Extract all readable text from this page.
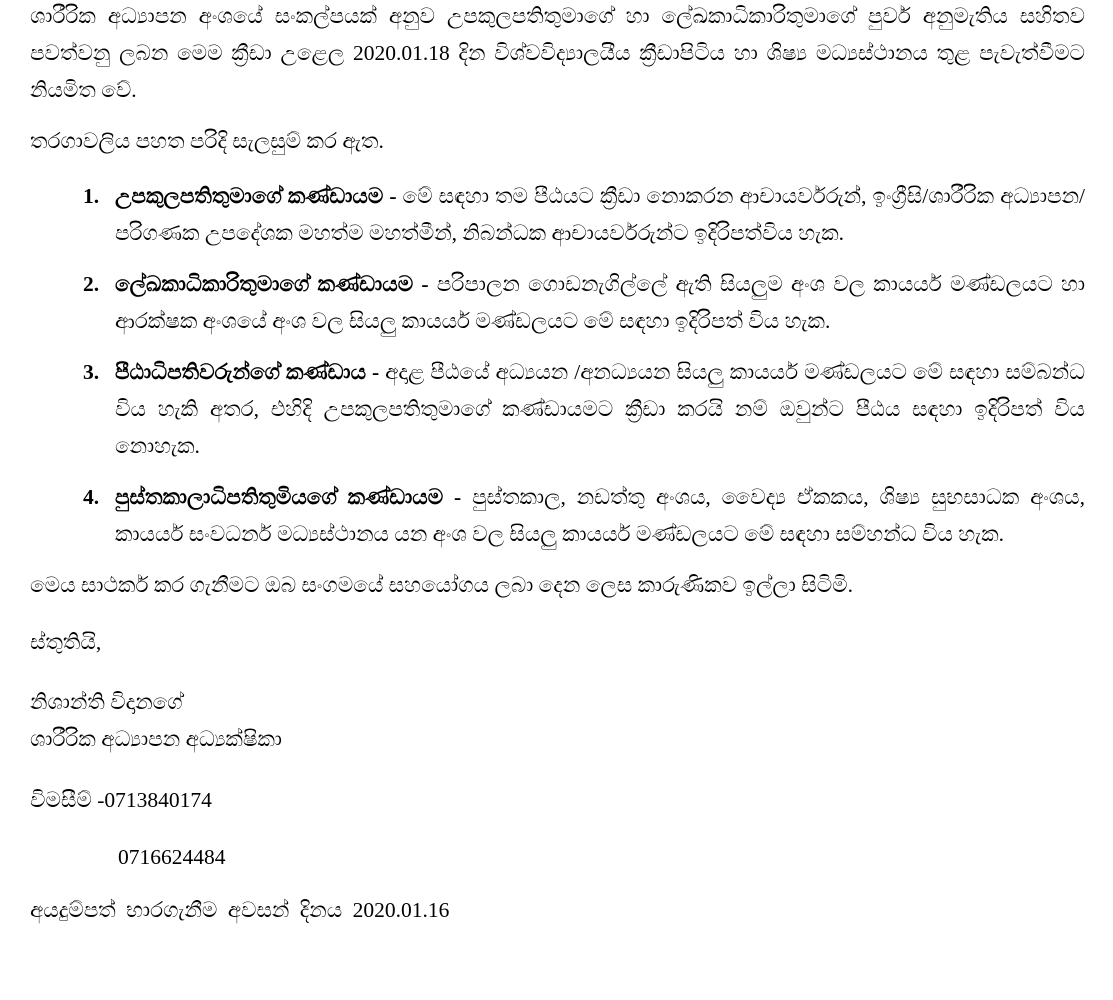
ශාරීරික අධ්‍යාපන අංශයේ සංකල්පයක් අනුව උපකුලපතිතුමාගේ හා ලේඛකාධිකාරිතුමාගේ පුවර් අනුමැතිය සහිතව පවත්වනු ලබන මෙම ක්‍රීඩා උළෙල 2020.01.18 දින විශ්වවිද්‍යාලයීය ක්‍රීඩාපිටිය හා ශිෂ්‍ය මධ්‍යස්ථානය තුළ පැවැත්වීමට නියමිත වේ.

තරගාවලිය පහත පරිදි සැලසුම් කර ඇත.

1. උපකුලපතිතුමාගේ කණ්ඩායම - මේ සඳහා තම පීඨයට ක්‍රීඩා නොකරන ආචායර්වරුන්, ඉංග්‍රීසි/ශාරීරික අධ්‍යාපන/පරිගණක උපදේශක මහත්ම මහත්මීන්, නිබන්ධක ආචායර්වරුන්ට ඉදිරිපත්විය හැක.
2. ලේඛකාධිකාරිතුමාගේ කණ්ඩායම - පරිපාලන ගොඩනැගිල්ලේ ඇති සියලුම අංශ වල කායර්ය මණ්ඩලයට හා ආරක්ෂක අංශයේ අංශ වල සියලු කායර්ය මණ්ඩලයට මේ සඳහා ඉදිරිපත් විය හැක.
3. පීඨාධිපතිවරුන්ගේ කණ්ඩාය - අදාළ පීඨයේ අධ්‍යයන /අනධ්‍යයන සියලු කායර්ය මණ්ඩලයට මේ සඳහා සම්බන්ධ විය හැකි අතර, එහිදි උපකුලපතිතුමාගේ කණ්ඩායමට ක්‍රීඩා කරයි නම් ඔවුන්ට පීඨය සඳහා ඉදිරිපත් විය නොහැක.
4. පුස්තකාලාධිපතිතුමියගේ කණ්ඩායම - පුස්තකාල, නඩත්තු අංශය, වෛද්‍ය ඒකකය, ශිෂ්‍ය සුභසාධක අංශය, කායර්ය සංවධර්න මධ්‍යස්ථානය යන අංශ වල සියලු කායර්ය මණ්ඩලයට මේ සඳහා සම්හන්ධ විය හැක.

මෙය සාථර්ක කර ගැනීමට ඔබ සංගමයේ සහයෝගය ලබා දෙන ලෙස කාරුණිකව ඉල්ලා සිටිමි.

ස්තුතියි,

නිශාන්ති විදානගේ

ශාරීරික අධ්‍යාපන අධ්‍යක්ෂිකා

විමසීම් -0713840174

0716624484

අයදුම්පත් භාරගැනීම අවසන් දිනය 2020.01.16
